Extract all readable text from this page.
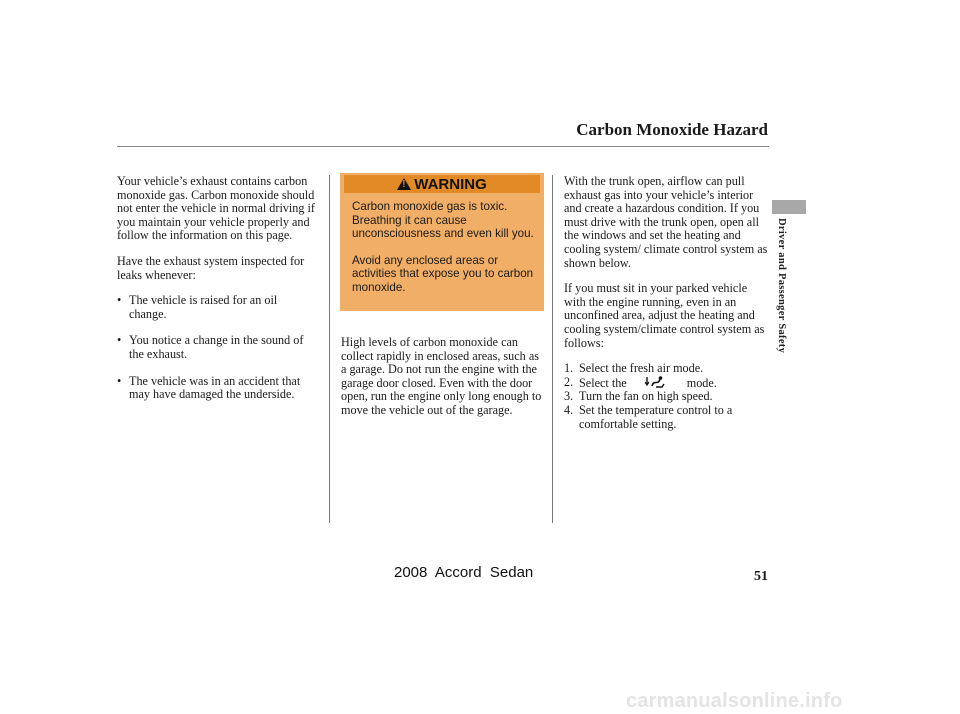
Carbon Monoxide Hazard
Driver and Passenger Safety

Your vehicle’s exhaust contains carbon monoxide gas. Carbon monoxide should not enter the vehicle in normal driving if you maintain your vehicle properly and follow the information on this page.

Have the exhaust system inspected for leaks whenever:

• The vehicle is raised for an oil change.
• You notice a change in the sound of the exhaust.
• The vehicle was in an accident that may have damaged the underside.
!
WARNING

Carbon monoxide gas is toxic. Breathing it can cause unconsciousness and even kill you.

Avoid any enclosed areas or activities that expose you to carbon monoxide.

High levels of carbon monoxide can collect rapidly in enclosed areas, such as a garage. Do not run the engine with the garage door closed. Even with the door open, run the engine only long enough to move the vehicle out of the garage.

With the trunk open, airflow can pull exhaust gas into your vehicle’s interior and create a hazardous condition. If you must drive with the trunk open, open all the windows and set the heating and cooling system/ climate control system as shown below.

If you must sit in your parked vehicle with the engine running, even in an unconfined area, adjust the heating and cooling system/climate control system as follows:

1. Select the fresh air mode.
2. Select the	mode.
3. Turn the fan on high speed.
4. Set the temperature control to a comfortable setting.
51
2008  Accord  Sedan
carmanualsonline.info
